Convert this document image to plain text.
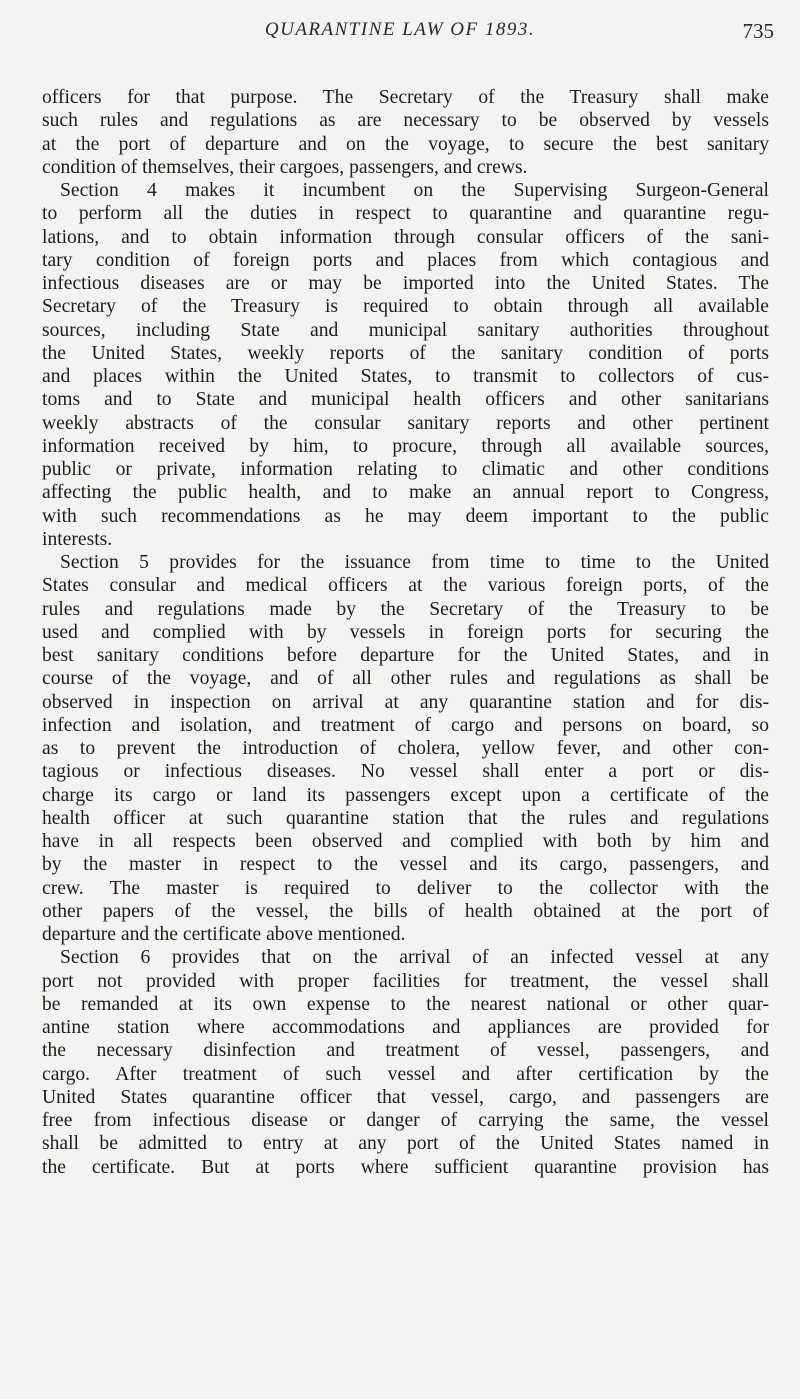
QUARANTINE LAW OF 1893.	735
officers for that purpose. The Secretary of the Treasury shall make
such rules and regulations as are necessary to be observed by vessels
at the port of departure and on the voyage, to secure the best sanitary
condition of themselves, their cargoes, passengers, and crews.
Section 4 makes it incumbent on the Supervising Surgeon-General
to perform all the duties in respect to quarantine and quarantine regu-
lations, and to obtain information through consular officers of the sani-
tary condition of foreign ports and places from which contagious and
infectious diseases are or may be imported into the United States. The
Secretary of the Treasury is required to obtain through all available
sources, including State and municipal sanitary authorities throughout
the United States, weekly reports of the sanitary condition of ports
and places within the United States, to transmit to collectors of cus-
toms and to State and municipal health officers and other sanitarians
weekly abstracts of the consular sanitary reports and other pertinent
information received by him, to procure, through all available sources,
public or private, information relating to climatic and other conditions
affecting the public health, and to make an annual report to Congress,
with such recommendations as he may deem important to the public
interests.
Section 5 provides for the issuance from time to time to the United
States consular and medical officers at the various foreign ports, of the
rules and regulations made by the Secretary of the Treasury to be
used and complied with by vessels in foreign ports for securing the
best sanitary conditions before departure for the United States, and in
course of the voyage, and of all other rules and regulations as shall be
observed in inspection on arrival at any quarantine station and for dis-
infection and isolation, and treatment of cargo and persons on board, so
as to prevent the introduction of cholera, yellow fever, and other con-
tagious or infectious diseases. No vessel shall enter a port or dis-
charge its cargo or land its passengers except upon a certificate of the
health officer at such quarantine station that the rules and regulations
have in all respects been observed and complied with both by him and
by the master in respect to the vessel and its cargo, passengers, and
crew. The master is required to deliver to the collector with the
other papers of the vessel, the bills of health obtained at the port of
departure and the certificate above mentioned.
Section 6 provides that on the arrival of an infected vessel at any
port not provided with proper facilities for treatment, the vessel shall
be remanded at its own expense to the nearest national or other quar-
antine station where accommodations and appliances are provided for
the necessary disinfection and treatment of vessel, passengers, and
cargo. After treatment of such vessel and after certification by the
United States quarantine officer that vessel, cargo, and passengers are
free from infectious disease or danger of carrying the same, the vessel
shall be admitted to entry at any port of the United States named in
the certificate. But at ports where sufficient quarantine provision has
